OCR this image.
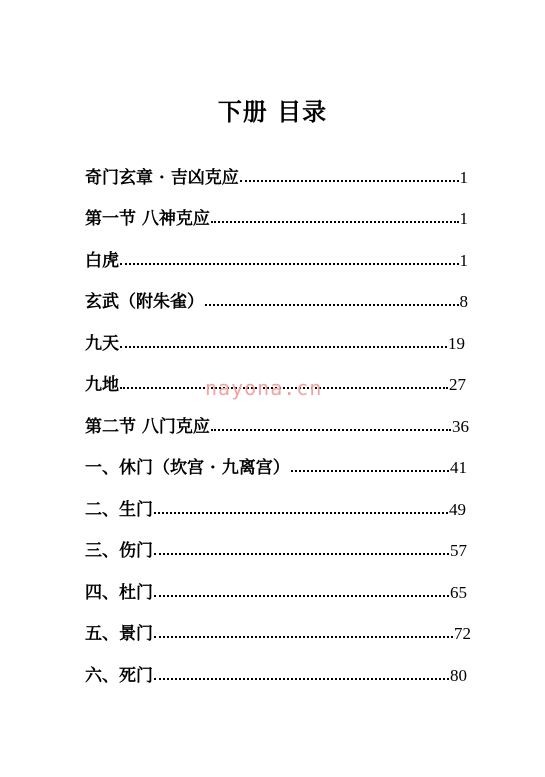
下册 目录
奇门玄章 · 吉凶克应	1
第一节 八神克应	1
白虎	1
玄武（附朱雀）	8
九天	19
九地	27
第二节 八门克应	36
一、休门（坎宫 · 九离宫）	41
二、生门	49
三、伤门	57
四、杜门	65
五、景门	72
六、死门	80
nayona.cn
